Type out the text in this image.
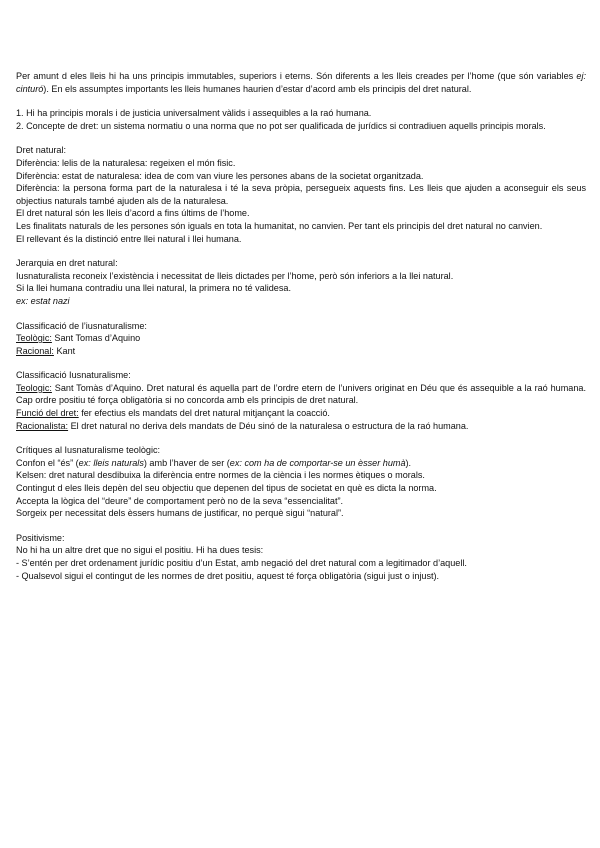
Per amunt d eles lleis hi ha uns principis immutables, superiors i eterns. Són diferents a les lleis creades per l’home (que són variables ej: cinturó). En els assumptes importants les lleis humanes haurien d’estar d’acord amb els principis del dret natural.

1. Hi ha principis morals i de justicia universalment vàlids i assequibles a la raó humana.

2. Concepte de dret: un sistema normatiu o una norma que no pot ser qualificada de jurídics si contradiuen aquells principis morals.

Dret natural:

Diferència: lelis de la naturalesa: regeixen el món fisic.

Diferència: estat de naturalesa: idea de com van viure les persones abans de la societat organitzada.

Diferència: la persona forma part de la naturalesa i té la seva pròpia, persegueix aquests fins. Les lleis que ajuden a aconseguir els seus objectius naturals també ajuden als de la naturalesa.

El dret natural són les lleis d’acord a fins últims de l’home.

Les finalitats naturals de les persones són iguals en tota la humanitat, no canvien. Per tant els principis del dret natural no canvien.

El rellevant és la distinció entre llei natural i llei humana.

Jerarquia en dret natural:

Iusnaturalista reconeix l’existència i necessitat de lleis dictades per l’home, però són inferiors a la llei natural.

Si la llei humana contradiu una llei natural, la primera no té validesa.

ex: estat nazi

Classificació de l’iusnaturalisme:

Teològic: Sant Tomas d’Aquino

Racional: Kant

Classificació Iusnaturalisme:

Teologic: Sant Tomàs d’Aquino. Dret natural és aquella part de l’ordre etern de l’univers originat en Déu que és assequible a la raó humana. Cap ordre positiu té força obligatòria si no concorda amb els principis de dret natural.

Funció del dret: fer efectius els mandats del dret natural mitjançant la coacció.

Racionalista: El dret natural no deriva dels mandats de Déu sinó de la naturalesa o estructura de la raó humana.

Crítiques al Iusnaturalisme teològic:

Confon el “és” (ex: lleis naturals) amb l’haver de ser (ex: com ha de comportar-se un èsser humà).

Kelsen: dret natural desdibuixa la diferència entre normes de la ciència i les normes ètiques o morals.

Contingut d eles lleis depèn del seu objectiu que depenen del tipus de societat en què es dicta la norma.

Accepta la lògica del “deure” de comportament però no de la seva “essencialitat”.

Sorgeix per necessitat dels èssers humans de justificar, no perquè sigui “natural”.

Positivisme:

No hi ha un altre dret que no sigui el positiu. Hi ha dues tesis:

- S’entén per dret ordenament jurídic positiu d’un Estat, amb negació del dret natural com a legitimador d’aquell.

- Qualsevol sigui el contingut de les normes de dret positiu, aquest té força obligatòria (sigui just o injust).
